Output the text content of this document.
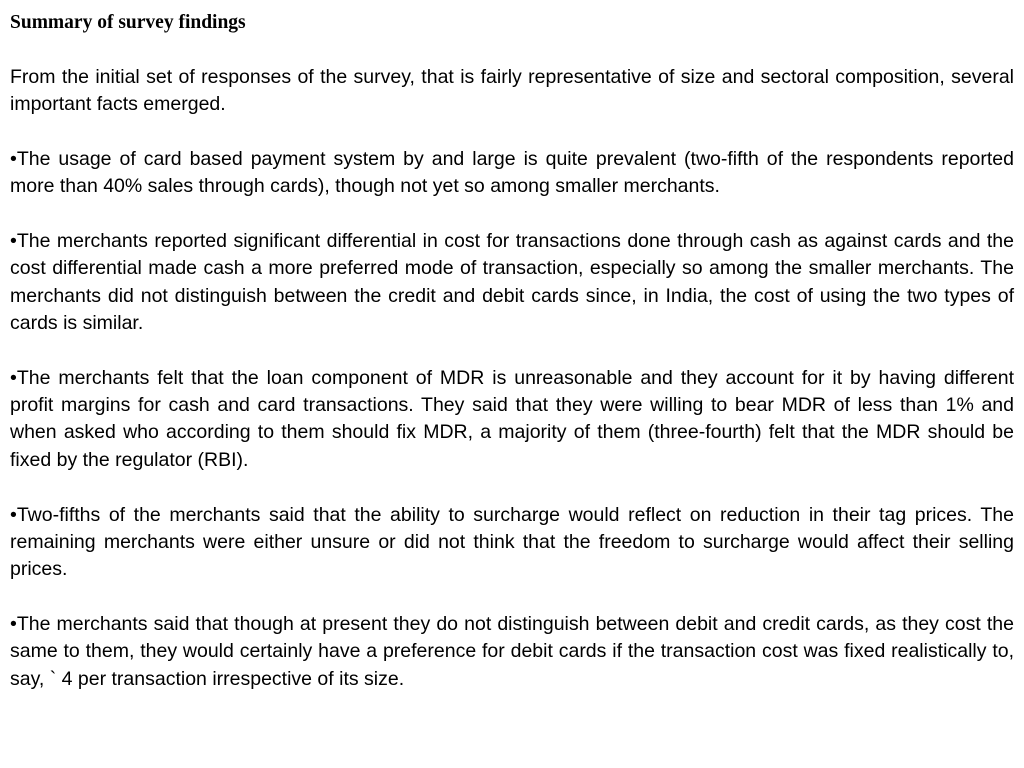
Summary of survey findings

From the initial set of responses of the survey, that is fairly representative of size and sectoral composition, several important facts emerged.

•The usage of card based payment system by and large is quite prevalent (two-fifth of the respondents reported more than 40% sales through cards), though not yet so among smaller merchants.

•The merchants reported significant differential in cost for transactions done through cash as against cards and the cost differential made cash a more preferred mode of transaction, especially so among the smaller merchants. The merchants did not distinguish between the credit and debit cards since, in India, the cost of using the two types of cards is similar.

•The merchants felt that the loan component of MDR is unreasonable and they account for it by having different profit margins for cash and card transactions. They said that they were willing to bear MDR of less than 1% and when asked who according to them should fix MDR, a majority of them (three-fourth) felt that the MDR should be fixed by the regulator (RBI).

•Two-fifths of the merchants said that the ability to surcharge would reflect on reduction in their tag prices. The remaining merchants were either unsure or did not think that the freedom to surcharge would affect their selling prices.

•The merchants said that though at present they do not distinguish between debit and credit cards, as they cost the same to them, they would certainly have a preference for debit cards if the transaction cost was fixed realistically to, say, ` 4 per transaction irrespective of its size.
